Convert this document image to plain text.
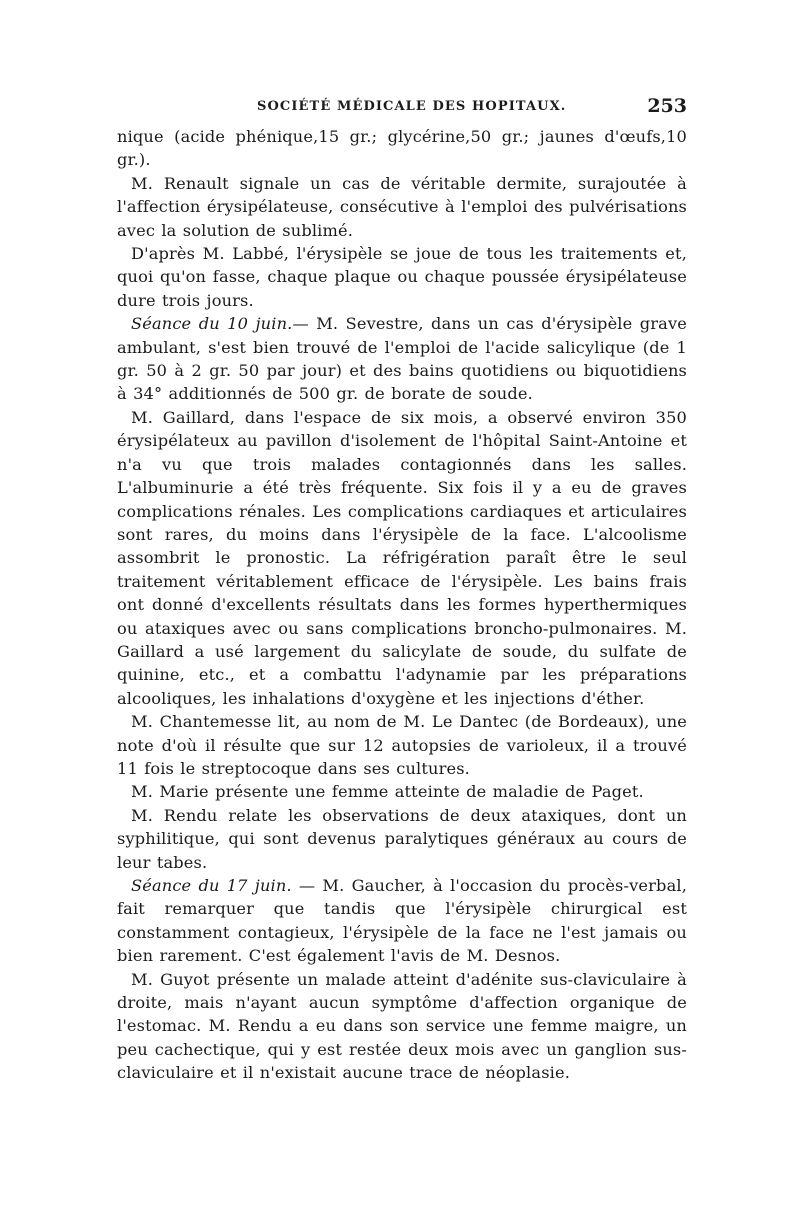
SOCIÉTÉ MÉDICALE DES HOPITAUX.	253

nique (acide phénique,15 gr.; glycérine,50 gr.; jaunes d'œufs,10 gr.).

M. Renault signale un cas de véritable dermite, surajoutée à l'affection érysipélateuse, consécutive à l'emploi des pulvérisations avec la solution de sublimé.

D'après M. Labbé, l'érysipèle se joue de tous les traitements et, quoi qu'on fasse, chaque plaque ou chaque poussée érysipélateuse dure trois jours.

Séance du 10 juin.— M. Sevestre, dans un cas d'érysipèle grave ambulant, s'est bien trouvé de l'emploi de l'acide salicylique (de 1 gr. 50 à 2 gr. 50 par jour) et des bains quotidiens ou biquotidiens à 34° additionnés de 500 gr. de borate de soude.

M. Gaillard, dans l'espace de six mois, a observé environ 350 érysipélateux au pavillon d'isolement de l'hôpital Saint-Antoine et n'a vu que trois malades contagionnés dans les salles. L'albuminurie a été très fréquente. Six fois il y a eu de graves complications rénales. Les complications cardiaques et articulaires sont rares, du moins dans l'érysipèle de la face. L'alcoolisme assombrit le pronostic. La réfrigération paraît être le seul traitement véritablement efficace de l'érysipèle. Les bains frais ont donné d'excellents résultats dans les formes hyperthermiques ou ataxiques avec ou sans complications broncho-pulmonaires. M. Gaillard a usé largement du salicylate de soude, du sulfate de quinine, etc., et a combattu l'adynamie par les préparations alcooliques, les inhalations d'oxygène et les injections d'éther.

M. Chantemesse lit, au nom de M. Le Dantec (de Bordeaux), une note d'où il résulte que sur 12 autopsies de varioleux, il a trouvé 11 fois le streptocoque dans ses cultures.

M. Marie présente une femme atteinte de maladie de Paget.

M. Rendu relate les observations de deux ataxiques, dont un syphilitique, qui sont devenus paralytiques généraux au cours de leur tabes.

Séance du 17 juin. — M. Gaucher, à l'occasion du procès-verbal, fait remarquer que tandis que l'érysipèle chirurgical est constamment contagieux, l'érysipèle de la face ne l'est jamais ou bien rarement. C'est également l'avis de M. Desnos.

M. Guyot présente un malade atteint d'adénite sus-claviculaire à droite, mais n'ayant aucun symptôme d'affection organique de l'estomac. M. Rendu a eu dans son service une femme maigre, un peu cachectique, qui y est restée deux mois avec un ganglion sus-claviculaire et il n'existait aucune trace de néoplasie.
